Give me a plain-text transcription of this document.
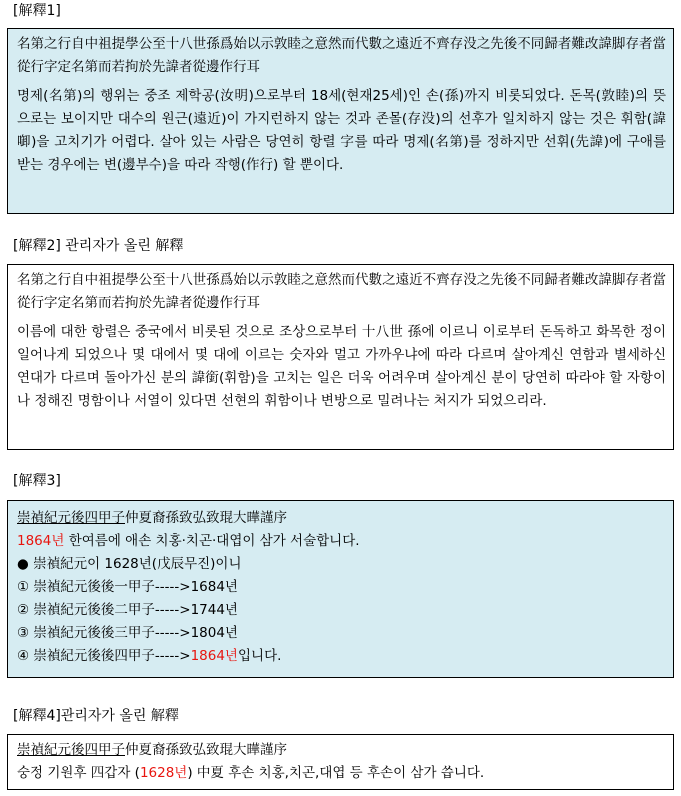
[解釋1]
名第之行自中祖提學公至十八世孫爲始以示敦睦之意然而代數之遠近不齊存没之先後不同歸者難改諱脚存者當從行字定名第而若拘於先諱者從邊作行耳
명제(名第)의 행위는 중조 제학공(汝明)으로부터 18세(현재25세)인 손(孫)까지 비롯되었다. 돈목(敦睦)의 뜻으로는 보이지만 대수의 원근(遠近)이 가지런하지 않는 것과 존몰(存没)의 선후가 일치하지 않는 것은 휘함(諱啣)을 고치기가 어렵다. 살아 있는 사람은 당연히 항렬 字를 따라 명제(名第)를 정하지만 선휘(先諱)에 구애를 받는 경우에는 변(邊부수)을 따라 작행(作行) 할 뿐이다.
[解釋2] 관리자가 올린 解釋
名第之行自中祖提學公至十八世孫爲始以示敦睦之意然而代數之遠近不齊存没之先後不同歸者難改諱脚存者當從行字定名第而若拘於先諱者從邊作行耳
이름에 대한 항렬은 중국에서 비롯된 것으로 조상으로부터 十八世 孫에 이르니 이로부터 돈독하고 화목한 정이 일어나게 되었으나 몇 대에서 몇 대에 이르는 숫자와 멀고 가까우냐에 따라 다르며 살아계신 연함과 별세하신 연대가 다르며 돌아가신 분의 諱銜(휘함)을 고치는 일은 더욱 어려우며 살아계신 분이 당연히 따라야 할 자항이나 정해진 명함이나 서열이 있다면 선현의 휘함이나 변방으로 밀려나는 처지가 되었으리라.
[解釋3]
崇禎紀元後四甲子仲夏裔孫致弘致琨大曄謹序
1864년 한여름에 애손 치홍·치곤·대엽이 삼가 서술합니다.
● 崇禎紀元이 1628년(戊辰무진)이니
① 崇禎紀元後後一甲子----->1684년
② 崇禎紀元後後二甲子----->1744년
③ 崇禎紀元後後三甲子----->1804년
④ 崇禎紀元後後四甲子----->1864년입니다.
[解釋4]관리자가 올린 解釋
崇禎紀元後四甲子仲夏裔孫致弘致琨大曄謹序
숭정 기원후 四갑자 (1628년) 中夏 후손 치홍,치곤,대엽 등 후손이 삼가 씁니다.
